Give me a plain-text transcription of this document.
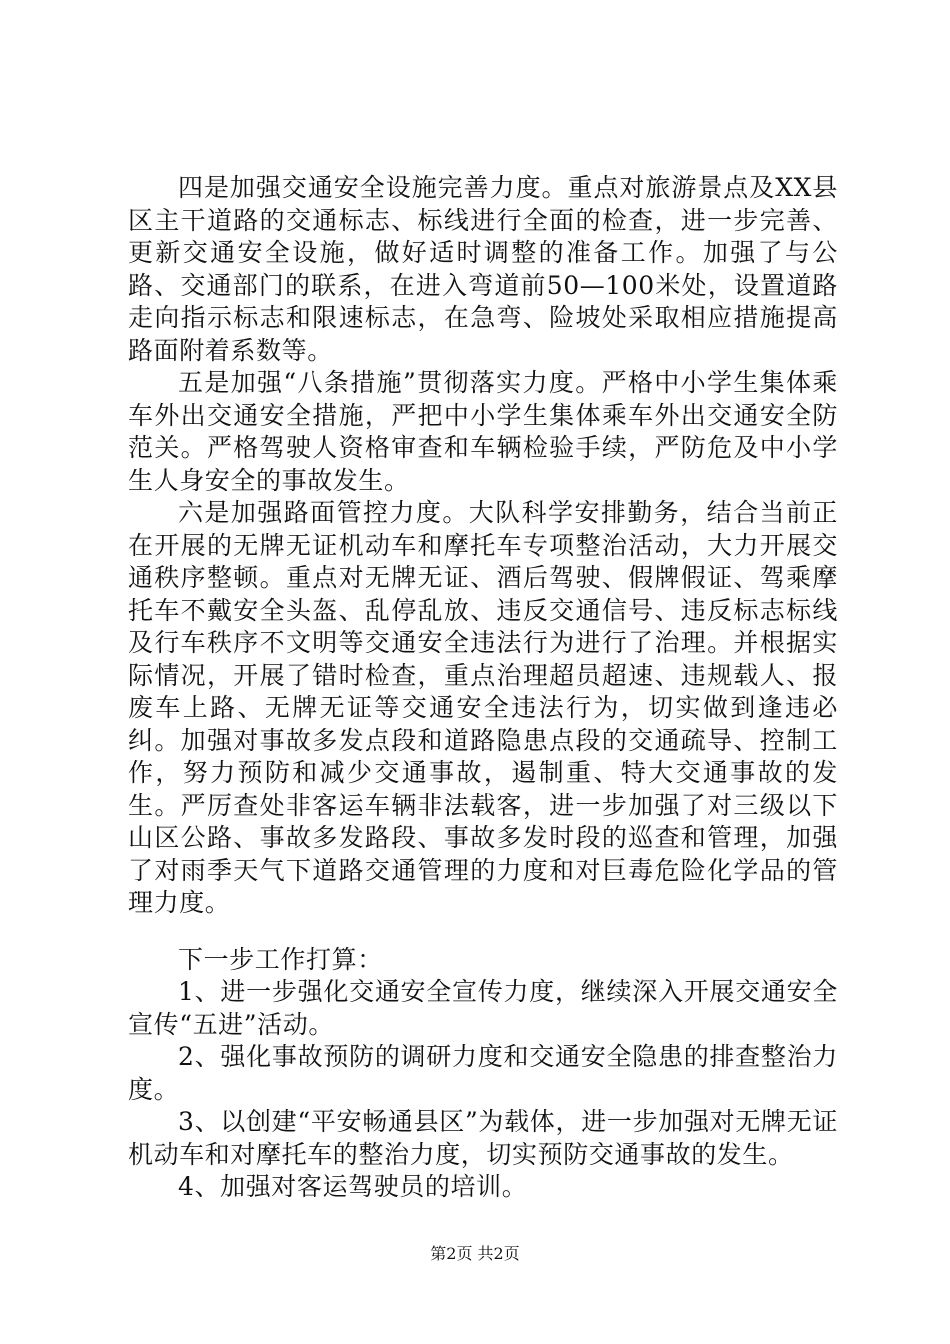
四是加强交通安全设施完善力度。重点对旅游景点及XX县区主干道路的交通标志、标线进行全面的检查，进一步完善、更新交通安全设施，做好适时调整的准备工作。加强了与公路、交通部门的联系，在进入弯道前50—100米处，设置道路走向指示标志和限速标志，在急弯、险坡处采取相应措施提高路面附着系数等。

五是加强“八条措施”贯彻落实力度。严格中小学生集体乘车外出交通安全措施，严把中小学生集体乘车外出交通安全防范关。严格驾驶人资格审查和车辆检验手续，严防危及中小学生人身安全的事故发生。

六是加强路面管控力度。大队科学安排勤务，结合当前正在开展的无牌无证机动车和摩托车专项整治活动，大力开展交通秩序整顿。重点对无牌无证、酒后驾驶、假牌假证、驾乘摩托车不戴安全头盔、乱停乱放、违反交通信号、违反标志标线及行车秩序不文明等交通安全违法行为进行了治理。并根据实际情况，开展了错时检查，重点治理超员超速、违规载人、报废车上路、无牌无证等交通安全违法行为，切实做到逢违必纠。加强对事故多发点段和道路隐患点段的交通疏导、控制工作，努力预防和减少交通事故，遏制重、特大交通事故的发生。严厉查处非客运车辆非法载客，进一步加强了对三级以下山区公路、事故多发路段、事故多发时段的巡查和管理，加强了对雨季天气下道路交通管理的力度和对巨毒危险化学品的管理力度。

下一步工作打算：

1、进一步强化交通安全宣传力度，继续深入开展交通安全宣传“五进”活动。

2、强化事故预防的调研力度和交通安全隐患的排查整治力度。

3、以创建“平安畅通县区”为载体，进一步加强对无牌无证机动车和对摩托车的整治力度，切实预防交通事故的发生。

4、加强对客运驾驶员的培训。

第2页 共2页
